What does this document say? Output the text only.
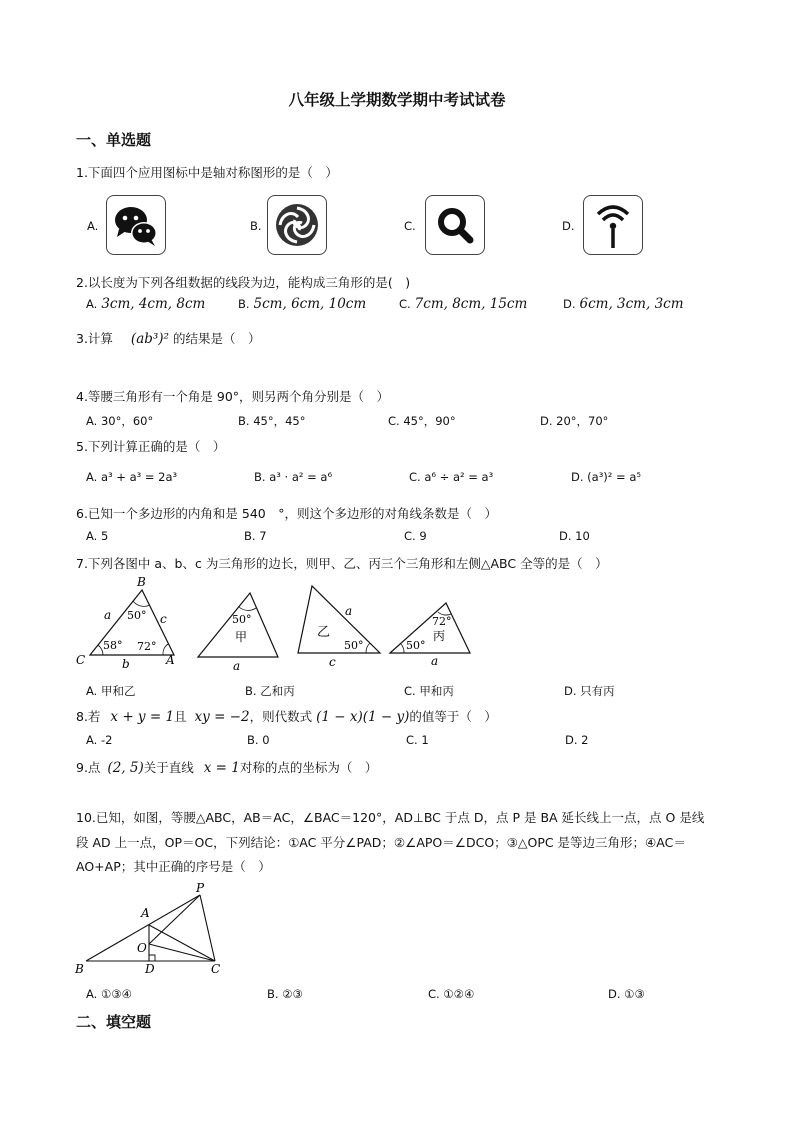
八年级上学期数学期中考试试卷
一、单选题
1.下面四个应用图标中是轴对称图形的是（　）
A.	B.	C.	D.
2.以长度为下列各组数据的线段为边，能构成三角形的是(　)
A. 3cm, 4cm, 8cm	B. 5cm, 6cm, 10cm	C. 7cm, 8cm, 15cm	D. 6cm, 3cm, 3cm
3.计算 (ab³)² 的结果是（　）
4.等腰三角形有一个角是 90°，则另两个角分别是（　）
A. 30°，60°	B. 45°，45°	C. 45°，90°	D. 20°，70°
5.下列计算正确的是（　）
A. a³ + a³ = 2a³	B. a³ · a² = a⁶	C. a⁶ ÷ a² = a³	D. (a³)² = a⁵
6.已知一个多边形的内角和是 540　°，则这个多边形的对角线条数是（　）
A. 5	B. 7	C. 9	D. 10
7.下列各图中 a、b、c 为三角形的边长，则甲、乙、丙三个三角形和左侧△ABC 全等的是（　）
B
C	A
a	c
b
50°
58° 72°
50°
甲
a
乙
a
50°
c
72°
丙
50°
a
A. 甲和乙	B. 乙和丙	C. 甲和丙	D. 只有丙
8.若 x + y = 1且 xy = −2，则代数式 (1 − x)(1 − y)的值等于（　）
A. -2	B. 0	C. 1	D. 2
9.点 (2, 5)关于直线 x = 1对称的点的坐标为（　）
10.已知，如图，等腰△ABC，AB＝AC，∠BAC＝120°，AD⊥BC 于点 D，点 P 是 BA 延长线上一点，点 O 是线
段 AD 上一点，OP＝OC，下列结论：①AC 平分∠PAD；②∠APO＝∠DCO；③△OPC 是等边三角形；④AC＝
AO+AP；其中正确的序号是（　）
P
A
O
B	D	C
A. ①③④	B. ②③	C. ①②④	D. ①③
二、填空题
